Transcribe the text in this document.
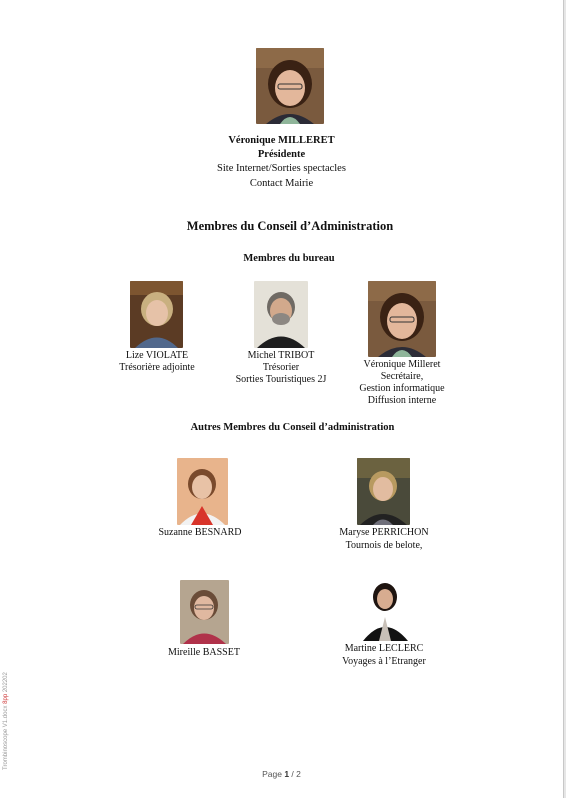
Véronique MILLERET
Présidente
Site Internet/Sorties spectacles
Contact Mairie
Membres du Conseil d’Administration
Membres du bureau
Lize VIOLATE
Trésorière adjointe
Michel TRIBOT
Trésorier
Sorties Touristiques 2J
Véronique Milleret
Secrétaire,
Gestion informatique
Diffusion interne
Autres Membres du Conseil d’administration
Suzanne BESNARD	Maryse PERRICHON
Tournois de belote,
Mireille BASSET	Martine LECLERC
Voyages à l’Etranger
Trombinoscope V1.docx 8pp 202202
Page 1 / 2
